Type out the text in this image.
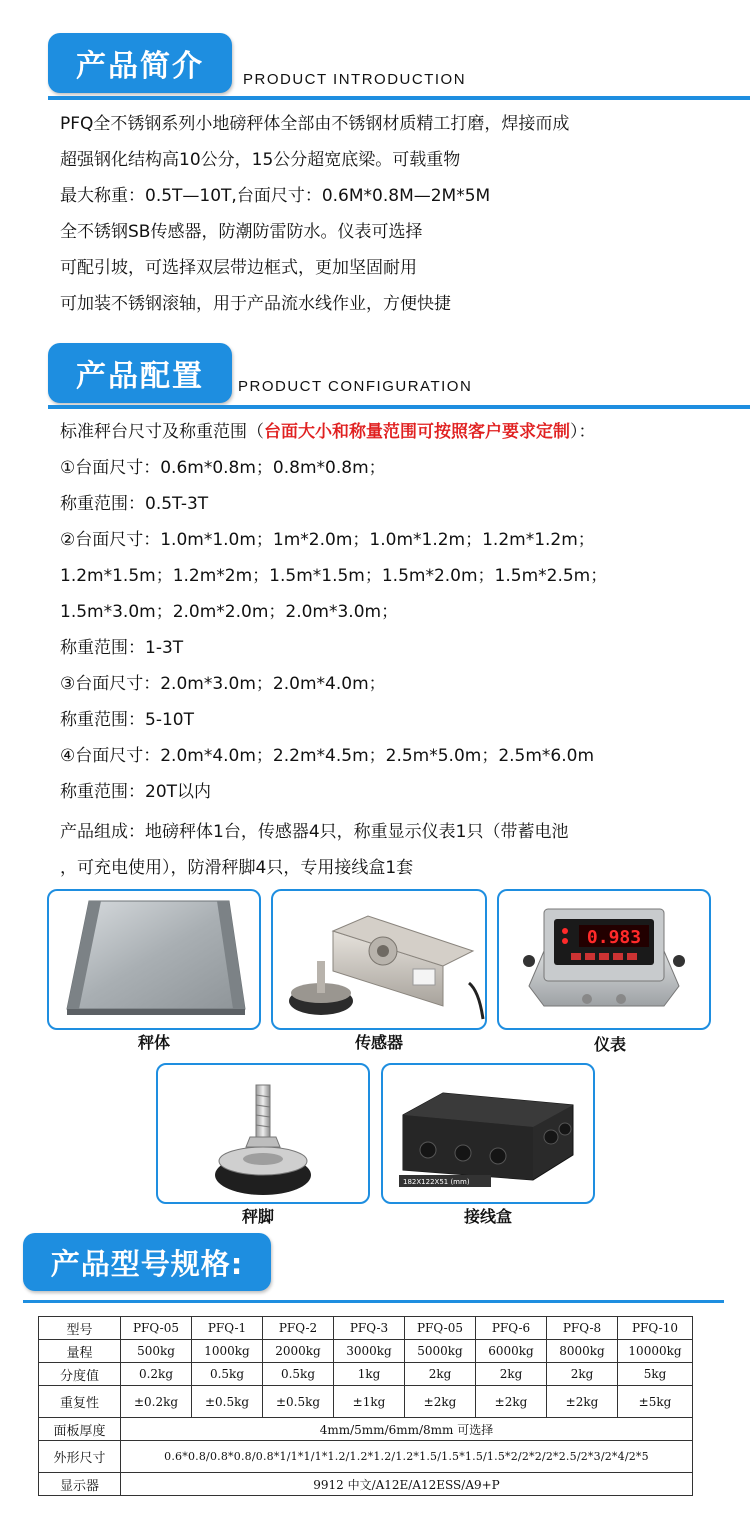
产品简介	PRODUCT INTRODUCTION
PFQ全不锈钢系列小地磅秤体全部由不锈钢材质精工打磨，焊接而成
超强钢化结构高10公分，15公分超宽底梁。可载重物
最大称重：0.5T—10T,台面尺寸：0.6M*0.8M—2M*5M
全不锈钢SB传感器，防潮防雷防水。仪表可选择
可配引坡，可选择双层带边框式，更加坚固耐用
可加装不锈钢滚轴，用于产品流水线作业，方便快捷
产品配置	PRODUCT CONFIGURATION
标准秤台尺寸及称重范围（台面大小和称量范围可按照客户要求定制）：
①台面尺寸：0.6m*0.8m；0.8m*0.8m；
称重范围：0.5T-3T
②台面尺寸：1.0m*1.0m；1m*2.0m；1.0m*1.2m；1.2m*1.2m；
1.2m*1.5m；1.2m*2m；1.5m*1.5m；1.5m*2.0m；1.5m*2.5m；
1.5m*3.0m；2.0m*2.0m；2.0m*3.0m；
称重范围：1-3T
③台面尺寸：2.0m*3.0m；2.0m*4.0m；
称重范围：5-10T
④台面尺寸：2.0m*4.0m；2.2m*4.5m；2.5m*5.0m；2.5m*6.0m
称重范围：20T以内
产品组成：地磅秤体1台，传感器4只，称重显示仪表1只（带蓄电池
，可充电使用），防滑秤脚4只，专用接线盒1套
秤体	传感器
0.983
仪表
秤脚
182X122X51 (mm)
接线盒
产品型号规格:
型号	PFQ-05	PFQ-1	PFQ-2	PFQ-3	PFQ-05	PFQ-6	PFQ-8	PFQ-10
量程	500kg	1000kg	2000kg	3000kg	5000kg	6000kg	8000kg	10000kg
分度值	0.2kg	0.5kg	0.5kg	1kg	2kg	2kg	2kg	5kg
重复性	±0.2kg	±0.5kg	±0.5kg	±1kg	±2kg	±2kg	±2kg	±5kg
面板厚度	4mm/5mm/6mm/8mm 可选择							
外形尺寸	0.6*0.8/0.8*0.8/0.8*1/1*1/1*1.2/1.2*1.2/1.2*1.5/1.5*1.5/1.5*2/2*2/2*2.5/2*3/2*4/2*5							
显示器	9912 中文/A12E/A12ESS/A9+P							
